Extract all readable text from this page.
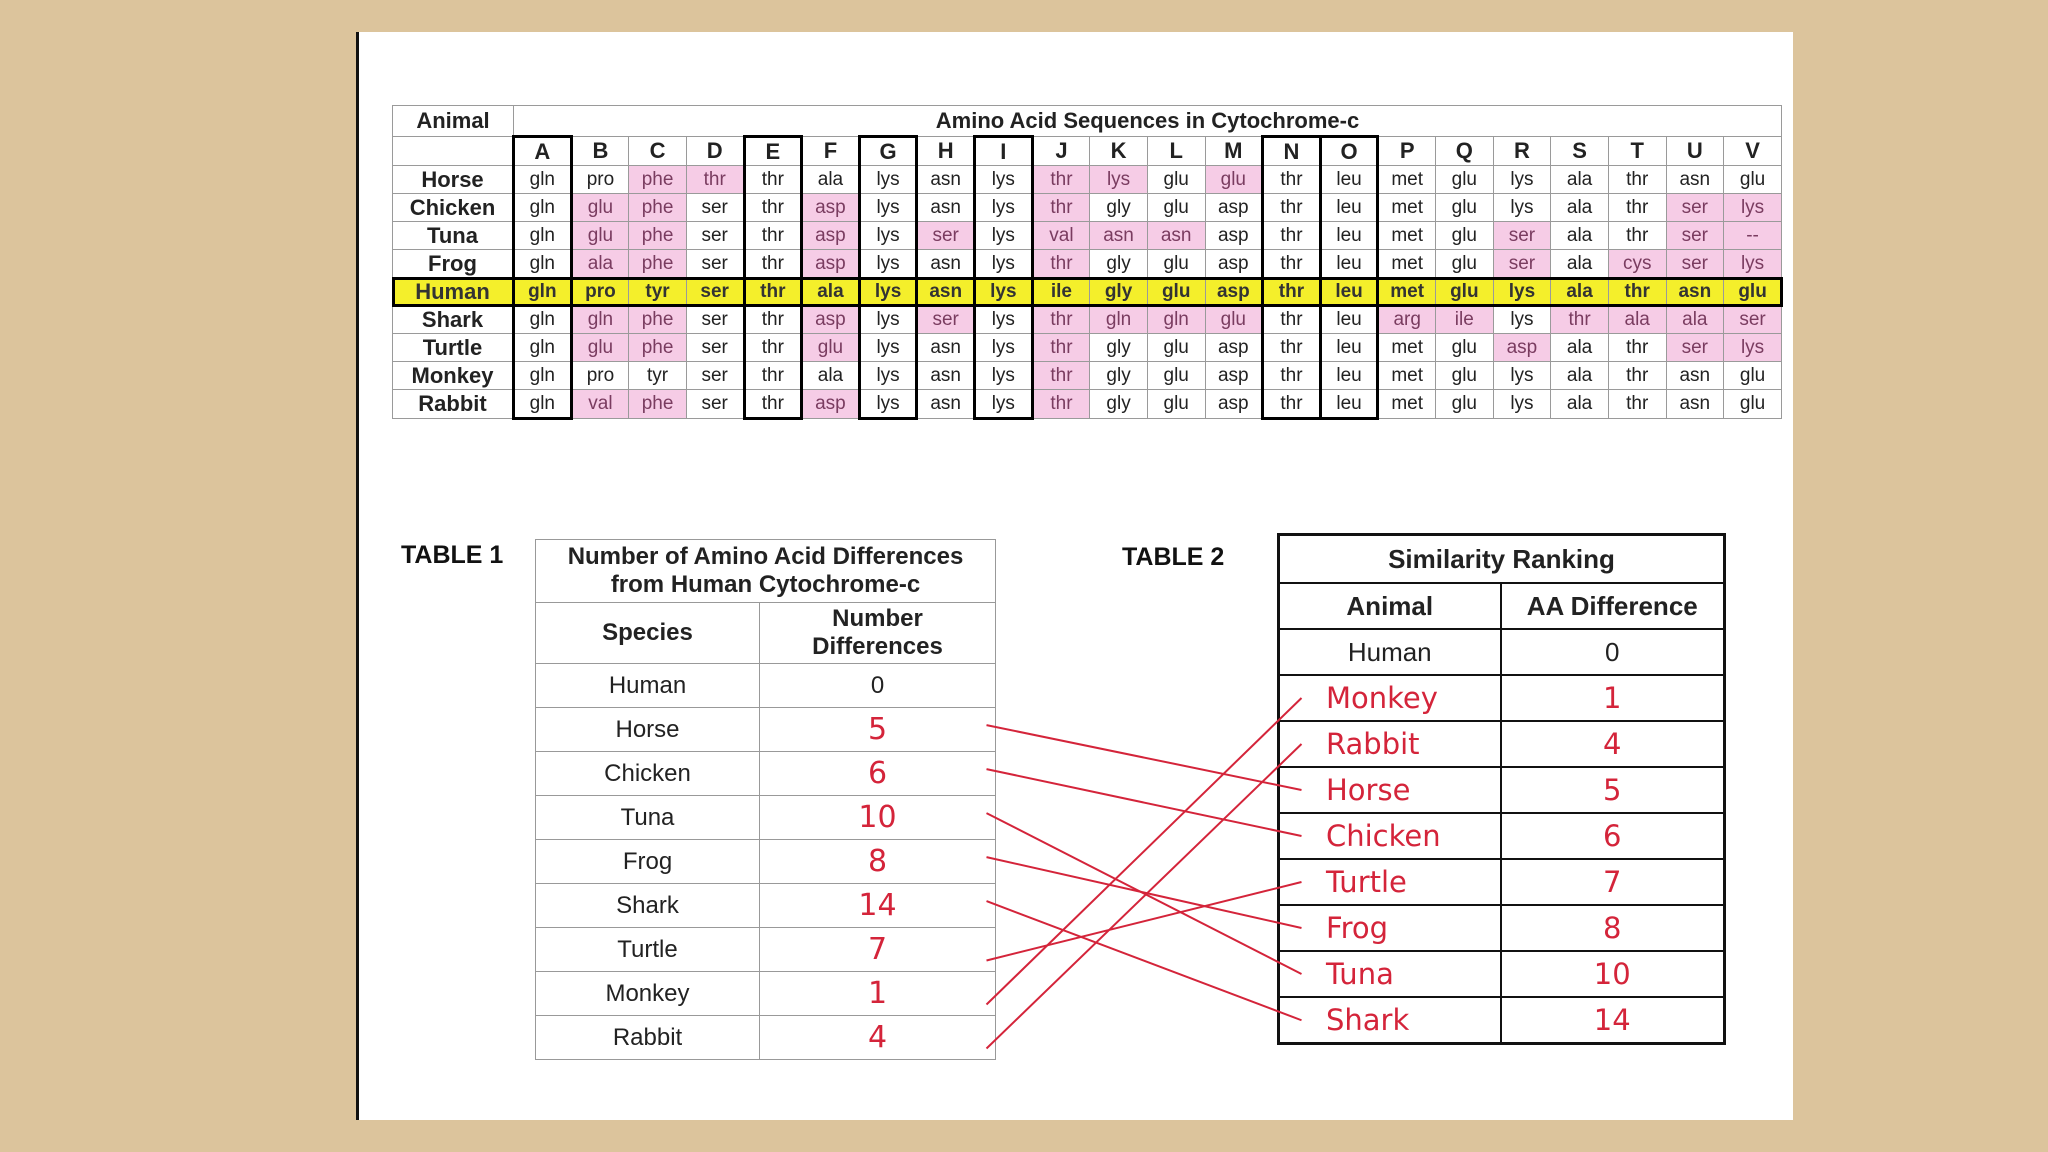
Animal	Amino Acid Sequences in Cytochrome-c																					
	A	B	C	D	E	F	G	H	I	J	K	L	M	N	O	P	Q	R	S	T	U	V
Horse	gln	pro	phe	thr	thr	ala	lys	asn	lys	thr	lys	glu	glu	thr	leu	met	glu	lys	ala	thr	asn	glu
Chicken	gln	glu	phe	ser	thr	asp	lys	asn	lys	thr	gly	glu	asp	thr	leu	met	glu	lys	ala	thr	ser	lys
Tuna	gln	glu	phe	ser	thr	asp	lys	ser	lys	val	asn	asn	asp	thr	leu	met	glu	ser	ala	thr	ser	--
Frog	gln	ala	phe	ser	thr	asp	lys	asn	lys	thr	gly	glu	asp	thr	leu	met	glu	ser	ala	cys	ser	lys
Human	gln	pro	tyr	ser	thr	ala	lys	asn	lys	ile	gly	glu	asp	thr	leu	met	glu	lys	ala	thr	asn	glu
Shark	gln	gln	phe	ser	thr	asp	lys	ser	lys	thr	gln	gln	glu	thr	leu	arg	ile	lys	thr	ala	ala	ser
Turtle	gln	glu	phe	ser	thr	glu	lys	asn	lys	thr	gly	glu	asp	thr	leu	met	glu	asp	ala	thr	ser	lys
Monkey	gln	pro	tyr	ser	thr	ala	lys	asn	lys	thr	gly	glu	asp	thr	leu	met	glu	lys	ala	thr	asn	glu
Rabbit	gln	val	phe	ser	thr	asp	lys	asn	lys	thr	gly	glu	asp	thr	leu	met	glu	lys	ala	thr	asn	glu
TABLE 1	Number of Amino Acid Differences
from Human Cytochrome-c	
Species	Number
Differences
Human	0
Horse	5
Chicken	6
Tuna	10
Frog	8
Shark	14
Turtle	7
Monkey	1
Rabbit	4
TABLE 2	Similarity Ranking	
Animal	AA Difference
Human	0
Monkey	1
Rabbit	4
Horse	5
Chicken	6
Turtle	7
Frog	8
Tuna	10
Shark	14
